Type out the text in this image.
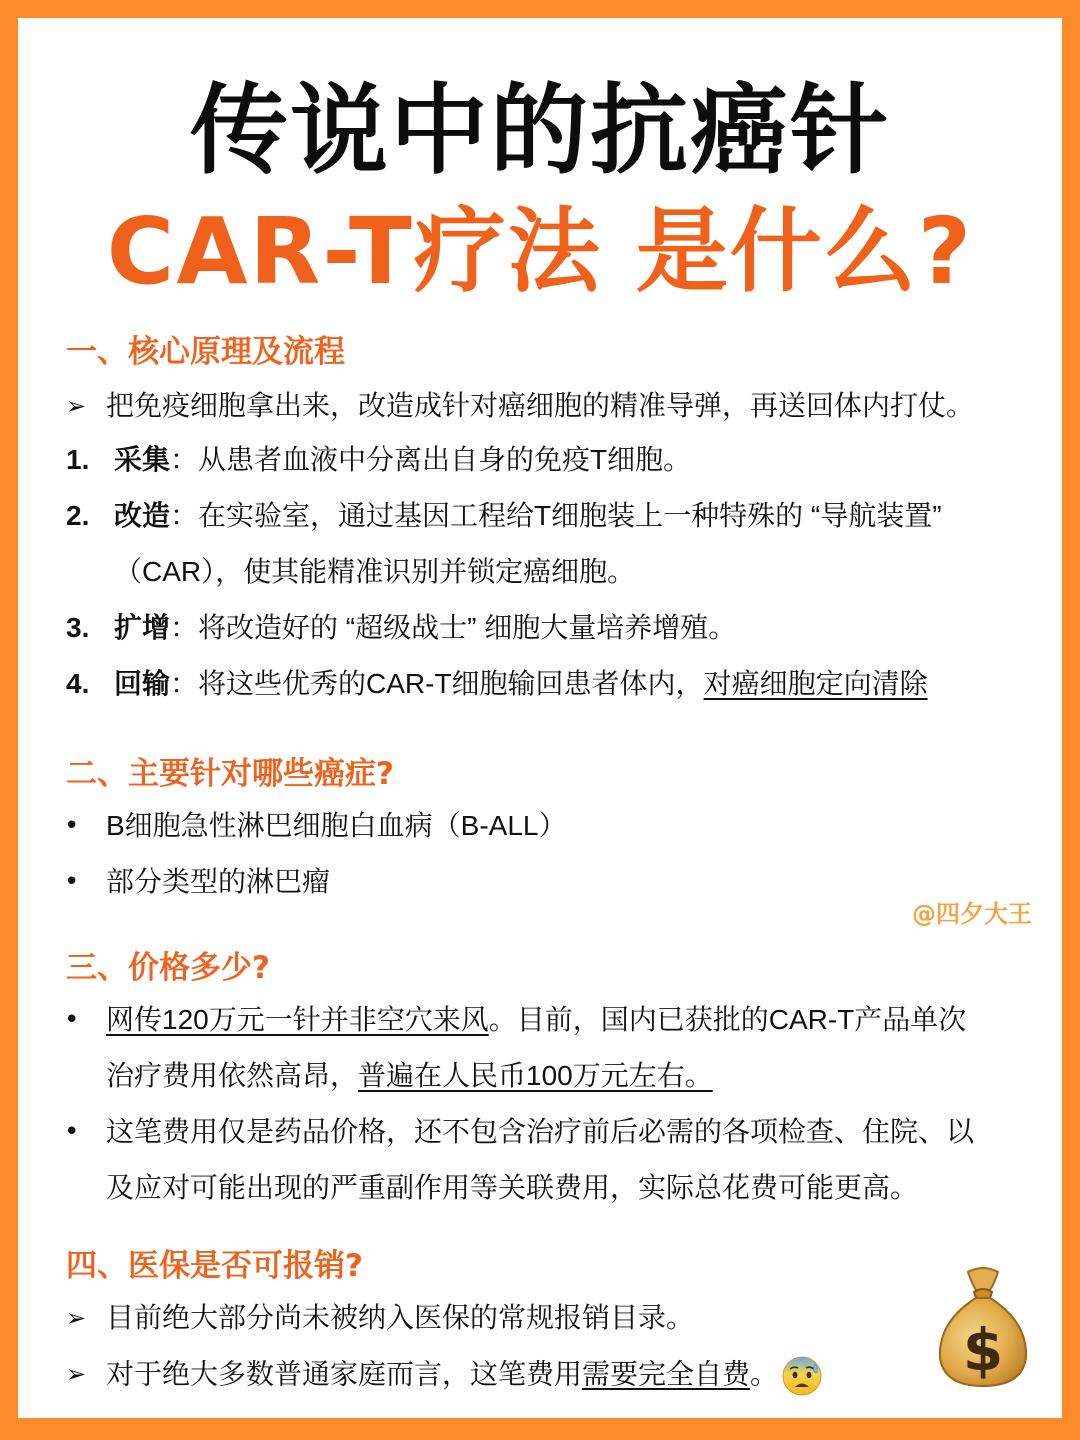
传说中的抗癌针
CAR-T疗法 是什么?
一、核心原理及流程
➢ 把免疫细胞拿出来，改造成针对癌细胞的精准导弹，再送回体内打仗。
1. 采集：从患者血液中分离出自身的免疫T细胞。
2. 改造：在实验室，通过基因工程给T细胞装上一种特殊的 “导航装置”
（CAR），使其能精准识别并锁定癌细胞。
3. 扩增：将改造好的 “超级战士” 细胞大量培养增殖。
4. 回输：将这些优秀的CAR-T细胞输回患者体内，对癌细胞定向清除
二、主要针对哪些癌症?
• B细胞急性淋巴细胞白血病（B-ALL）
• 部分类型的淋巴瘤
@四夕大王
三、价格多少?
• 网传120万元一针并非空穴来风。目前，国内已获批的CAR-T产品单次
治疗费用依然高昂，普遍在人民币100万元左右。
• 这笔费用仅是药品价格，还不包含治疗前后必需的各项检查、住院、以
及应对可能出现的严重副作用等关联费用，实际总花费可能更高。
四、医保是否可报销?
➢ 目前绝大部分尚未被纳入医保的常规报销目录。
➢ 对于绝大多数普通家庭而言，这笔费用需要完全自费。	$
